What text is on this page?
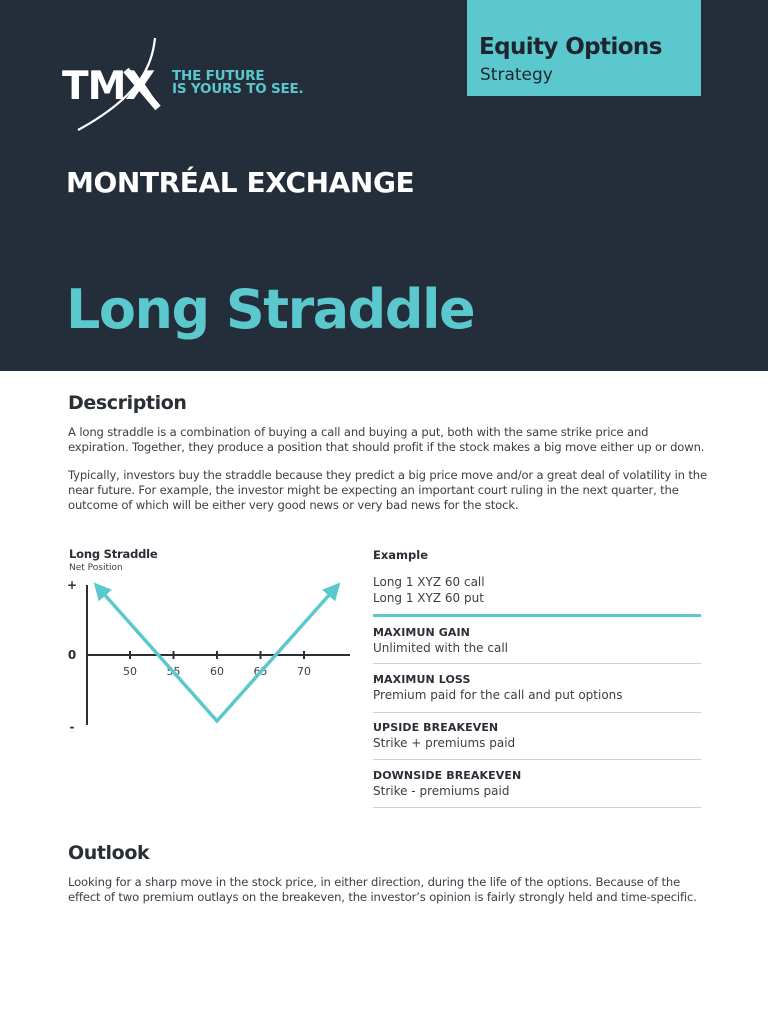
TMX THE FUTURE
IS YOURS TO SEE.
Equity Options
Strategy
MONTRÉAL EXCHANGE
Long Straddle
Description
A long straddle is a combination of buying a call and buying a put, both with the same strike price and expiration. Together, they produce a position that should profit if the stock makes a big move either up or down.
Typically, investors buy the straddle because they predict a big price move and/or a great deal of volatility in the near future. For example, the investor might be expecting an important court ruling in the next quarter, the outcome of which will be either very good news or very bad news for the stock.
Long Straddle
Net Position
+
0
-
50	55	60	65	70
Example
Long 1 XYZ 60 call
Long 1 XYZ 60 put
MAXIMUN GAIN
Unlimited with the call
MAXIMUN LOSS
Premium paid for the call and put options
UPSIDE BREAKEVEN
Strike + premiums paid
DOWNSIDE BREAKEVEN
Strike - premiums paid
Outlook
Looking for a sharp move in the stock price, in either direction, during the life of the options. Because of the effect of two premium outlays on the breakeven, the investor’s opinion is fairly strongly held and time-specific.
